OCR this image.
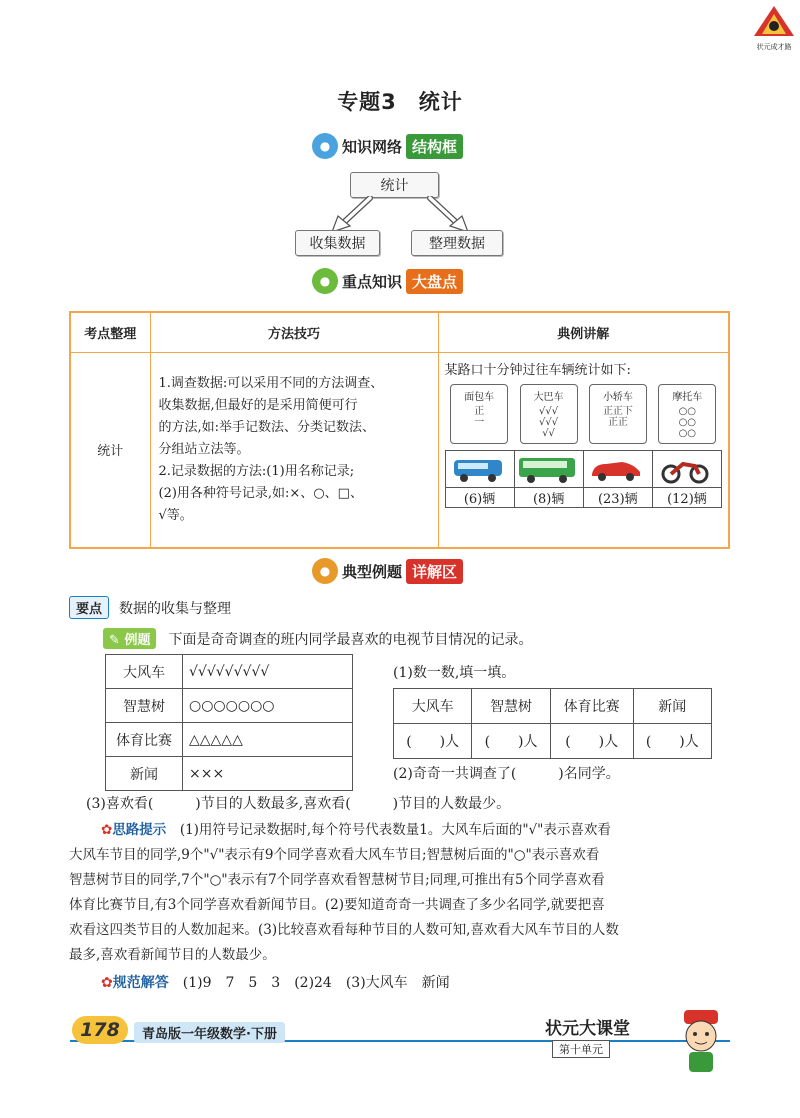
状元成才路
专题3　统计
● 知识网络 结构框
统计
收集数据	整理数据
● 重点知识 大盘点
考点整理	方法技巧	典例讲解
统计	
1.调查数据:可以采用不同的方法调查、
收集数据,但最好的是采用简便可行
的方法,如:举手记数法、分类记数法、
分组站立法等。
2.记录数据的方法:(1)用名称记录;
(2)用各种符号记录,如:×、○、□、
√等。

某路口十分钟过往车辆统计如下:
面包车
正
一
大巴车
√√√
√√√
√√
小轿车
正正下
正正
摩托车
○○
○○
○○

(6)辆	(8)辆	(23)辆	(12)辆
● 典型例题 详解区
要点	数据的收集与整理
✎ 例题	下面是奇奇调查的班内同学最喜欢的电视节目情况的记录。
大风车	√√√√√√√√√
智慧树	○○○○○○○
体育比赛	△△△△△
新闻	×××
(1)数一数,填一填。
大风车	智慧树	体育比赛	新闻
(　　)人	(　　)人	(　　)人	(　　)人
(2)奇奇一共调查了(　　　)名同学。
(3)喜欢看(　　　)节目的人数最多,喜欢看(　　　)节目的人数最少。
✿思路提示　 (1)用符号记录数据时,每个符号代表数量1。大风车后面的"√"表示喜欢看
大风车节目的同学,9个"√"表示有9个同学喜欢看大风车节目;智慧树后面的"○"表示喜欢看
智慧树节目的同学,7个"○"表示有7个同学喜欢看智慧树节目;同理,可推出有5个同学喜欢看
体育比赛节目,有3个同学喜欢看新闻节目。(2)要知道奇奇一共调查了多少名同学,就要把喜
欢看这四类节目的人数加起来。(3)比较喜欢看每种节目的人数可知,喜欢看大风车节目的人数
最多,喜欢看新闻节目的人数最少。
✿规范解答　 (1)9　7　5　3　(2)24　(3)大风车　新闻
178	青岛版一年级数学·下册	状元大课堂
第十单元
